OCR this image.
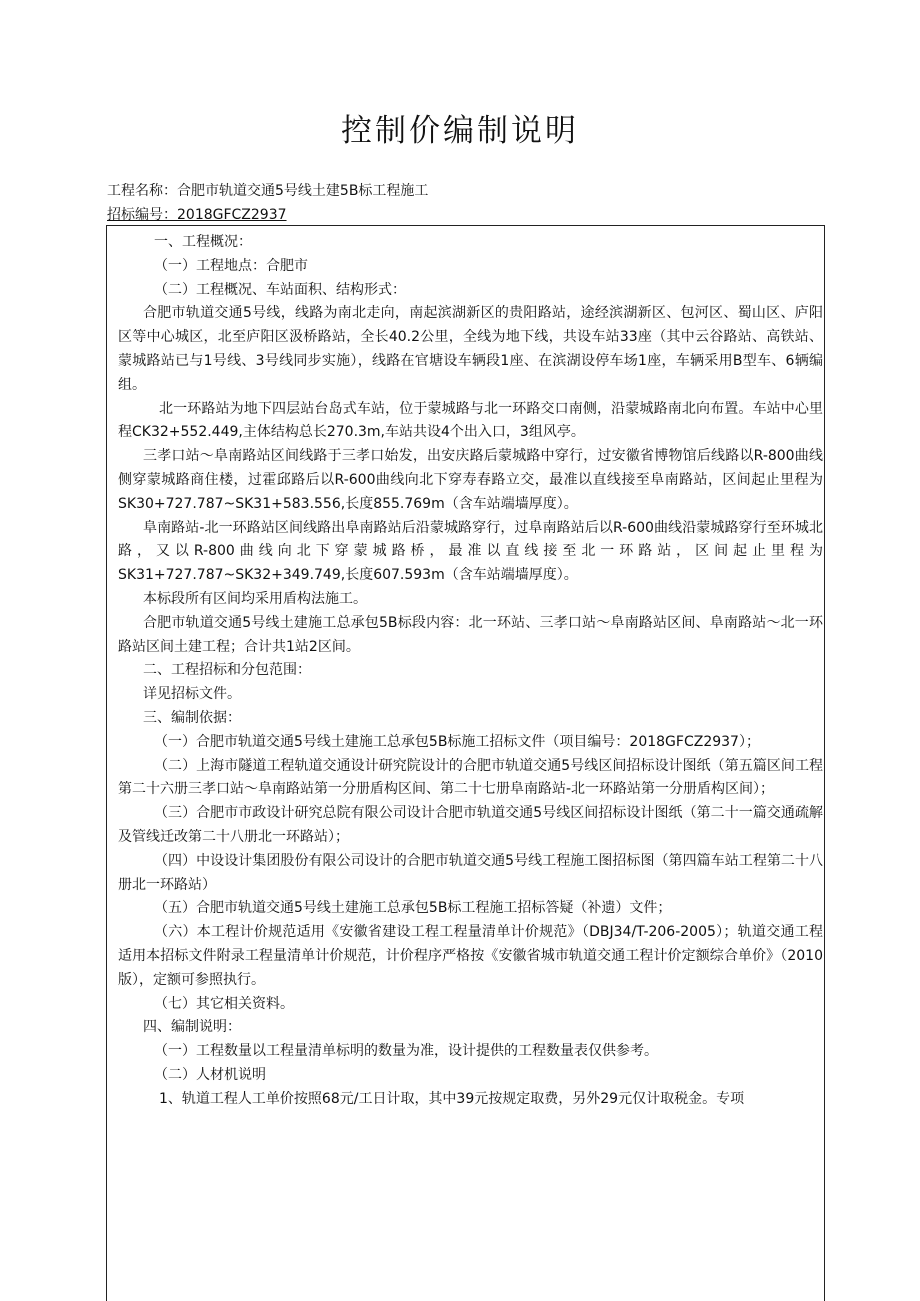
控制价编制说明
工程名称：合肥市轨道交通5号线土建5B标工程施工
招标编号：2018GFCZ2937

一、工程概况：

（一）工程地点：合肥市

（二）工程概况、车站面积、结构形式：

合肥市轨道交通5号线，线路为南北走向，南起滨湖新区的贵阳路站，途经滨湖新区、包河区、蜀山区、庐阳区等中心城区，北至庐阳区汲桥路站，全长40.2公里，全线为地下线，共设车站33座（其中云谷路站、高铁站、蒙城路站已与1号线、3号线同步实施），线路在官塘设车辆段1座、在滨湖设停车场1座，车辆采用B型车、6辆编组。

北一环路站为地下四层站台岛式车站，位于蒙城路与北一环路交口南侧，沿蒙城路南北向布置。车站中心里程CK32+552.449,主体结构总长270.3m,车站共设4个出入口，3组风亭。

三孝口站～阜南路站区间线路于三孝口始发，出安庆路后蒙城路中穿行，过安徽省博物馆后线路以R-800曲线侧穿蒙城路商住楼，过霍邱路后以R-600曲线向北下穿寿春路立交，最准以直线接至阜南路站，区间起止里程为SK30+727.787~SK31+583.556,长度855.769m（含车站端墙厚度）。

阜南路站-北一环路站区间线路出阜南路站后沿蒙城路穿行，过阜南路站后以R-600曲线沿蒙城路穿行至环城北路，又以R-800曲线向北下穿蒙城路桥，最准以直线接至北一环路站，区间起止里程为SK31+727.787~SK32+349.749,长度607.593m（含车站端墙厚度）。

本标段所有区间均采用盾构法施工。

合肥市轨道交通5号线土建施工总承包5B标段内容：北一环站、三孝口站～阜南路站区间、阜南路站～北一环路站区间土建工程；合计共1站2区间。

二、工程招标和分包范围：

详见招标文件。

三、编制依据：

（一）合肥市轨道交通5号线土建施工总承包5B标施工招标文件（项目编号：2018GFCZ2937）；

（二）上海市隧道工程轨道交通设计研究院设计的合肥市轨道交通5号线区间招标设计图纸（第五篇区间工程第二十六册三孝口站～阜南路站第一分册盾构区间、第二十七册阜南路站-北一环路站第一分册盾构区间）；

（三）合肥市市政设计研究总院有限公司设计合肥市轨道交通5号线区间招标设计图纸（第二十一篇交通疏解及管线迁改第二十八册北一环路站）；

（四）中设设计集团股份有限公司设计的合肥市轨道交通5号线工程施工图招标图（第四篇车站工程第二十八册北一环路站）

（五）合肥市轨道交通5号线土建施工总承包5B标工程施工招标答疑（补遗）文件；

（六）本工程计价规范适用《安徽省建设工程工程量清单计价规范》（DBJ34/T-206-2005）；轨道交通工程适用本招标文件附录工程量清单计价规范，计价程序严格按《安徽省城市轨道交通工程计价定额综合单价》（2010版），定额可参照执行。

（七）其它相关资料。

四、编制说明：

（一）工程数量以工程量清单标明的数量为准，设计提供的工程数量表仅供参考。

（二）人材机说明

1、轨道工程人工单价按照68元/工日计取，其中39元按规定取费，另外29元仅计取税金。专项
